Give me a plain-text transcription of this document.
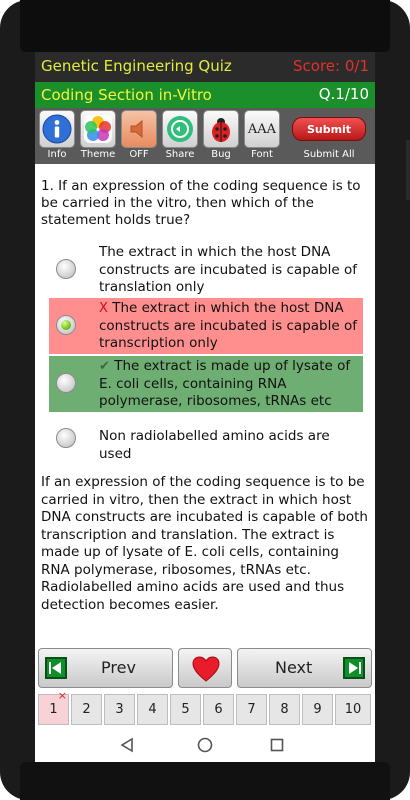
Genetic Engineering Quiz	Score: 0/1
Coding Section in-Vitro	Q.1/10
Info	Theme	OFF	Share	Bug
AAA
Font
Submit
Submit All
1. If an expression of the coding sequence is to be carried in the vitro, then which of the statement holds true?
The extract in which the host DNA constructs are incubated is capable of translation only
X The extract in which the host DNA constructs are incubated is capable of transcription only
✔ The extract is made up of lysate of E. coli cells, containing RNA polymerase, ribosomes, tRNAs etc
Non radiolabelled amino acids are used
If an expression of the coding sequence is to be carried in vitro, then the extract in which host DNA constructs are incubated is capable of both transcription and translation. The extract is made up of lysate of E. coli cells, containing RNA polymerase, ribosomes, tRNAs etc. Radiolabelled amino acids are used and thus detection becomes easier.
Prev	Next
1
×
2	3	4	5	6	7	8	9	10
